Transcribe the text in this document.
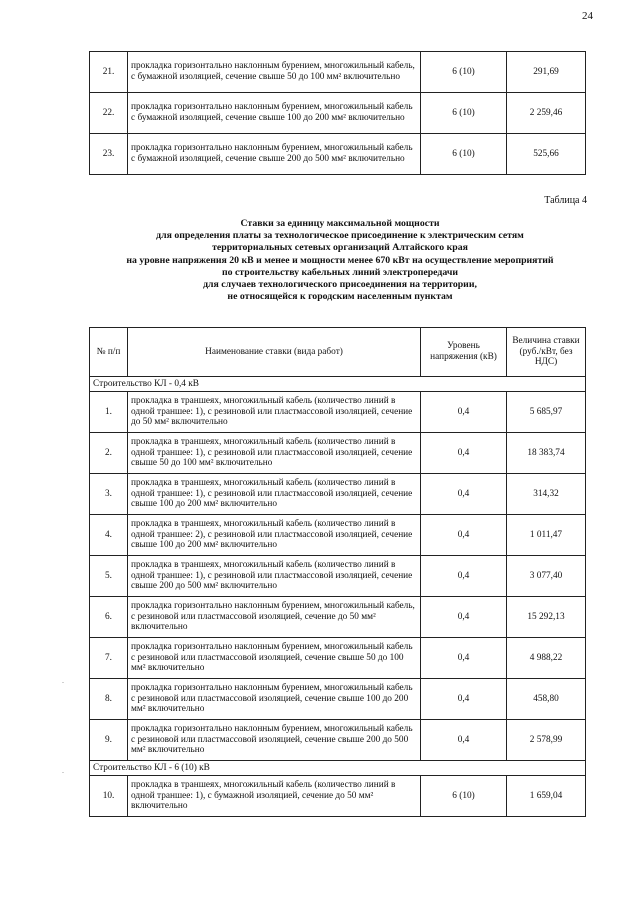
24
21.	прокладка горизонтально наклонным бурением, многожильный кабель, с бумажной изоляцией, сечение свыше 50 до 100 мм² включительно	6 (10)	291,69
22.	прокладка горизонтально наклонным бурением, многожильный кабель с бумажной изоляцией, сечение свыше 100 до 200 мм² включительно	6 (10)	2 259,46
23.	прокладка горизонтально наклонным бурением, многожильный кабель с бумажной изоляцией, сечение свыше 200 до 500 мм² включительно	6 (10)	525,66
Таблица 4
Ставки за единицу максимальной мощности
для определения платы за технологическое присоединение к электрическим сетям
территориальных сетевых организаций Алтайского края
на уровне напряжения 20 кВ и менее и мощности менее 670 кВт на осуществление мероприятий
по строительству кабельных линий электропередачи
для случаев технологического присоединения на территории,
не относящейся к городским населенным пунктам
№ п/п	Наименование ставки (вида работ)	Уровень напряжения (кВ)	Величина ставки (руб./кВт, без НДС)
Строительство КЛ - 0,4 кВ			
1.	прокладка в траншеях, многожильный кабель (количество линий в одной траншее: 1), с резиновой или пластмассовой изоляцией, сечение до 50 мм² включительно	0,4	5 685,97
2.	прокладка в траншеях, многожильный кабель (количество линий в одной траншее: 1), с резиновой или пластмассовой изоляцией, сечение свыше 50 до 100 мм² включительно	0,4	18 383,74
3.	прокладка в траншеях, многожильный кабель (количество линий в одной траншее: 1), с резиновой или пластмассовой изоляцией, сечение свыше 100 до 200 мм² включительно	0,4	314,32
4.	прокладка в траншеях, многожильный кабель (количество линий в одной траншее: 2), с резиновой или пластмассовой изоляцией, сечение свыше 100 до 200 мм² включительно	0,4	1 011,47
5.	прокладка в траншеях, многожильный кабель (количество линий в одной траншее: 1), с резиновой или пластмассовой изоляцией, сечение свыше 200 до 500 мм² включительно	0,4	3 077,40
6.	прокладка горизонтально наклонным бурением, многожильный кабель, с резиновой или пластмассовой изоляцией, сечение до 50 мм² включительно	0,4	15 292,13
7.	прокладка горизонтально наклонным бурением, многожильный кабель с резиновой или пластмассовой изоляцией, сечение свыше 50 до 100 мм² включительно	0,4	4 988,22
8.	прокладка горизонтально наклонным бурением, многожильный кабель с резиновой или пластмассовой изоляцией, сечение свыше 100 до 200 мм² включительно	0,4	458,80
9.	прокладка горизонтально наклонным бурением, многожильный кабель с резиновой или пластмассовой изоляцией, сечение свыше 200 до 500 мм² включительно	0,4	2 578,99
Строительство КЛ - 6 (10) кВ			
10.	прокладка в траншеях, многожильный кабель (количество линий в одной траншее: 1), с бумажной изоляцией, сечение до 50 мм² включительно	6 (10)	1 659,04
.
.
